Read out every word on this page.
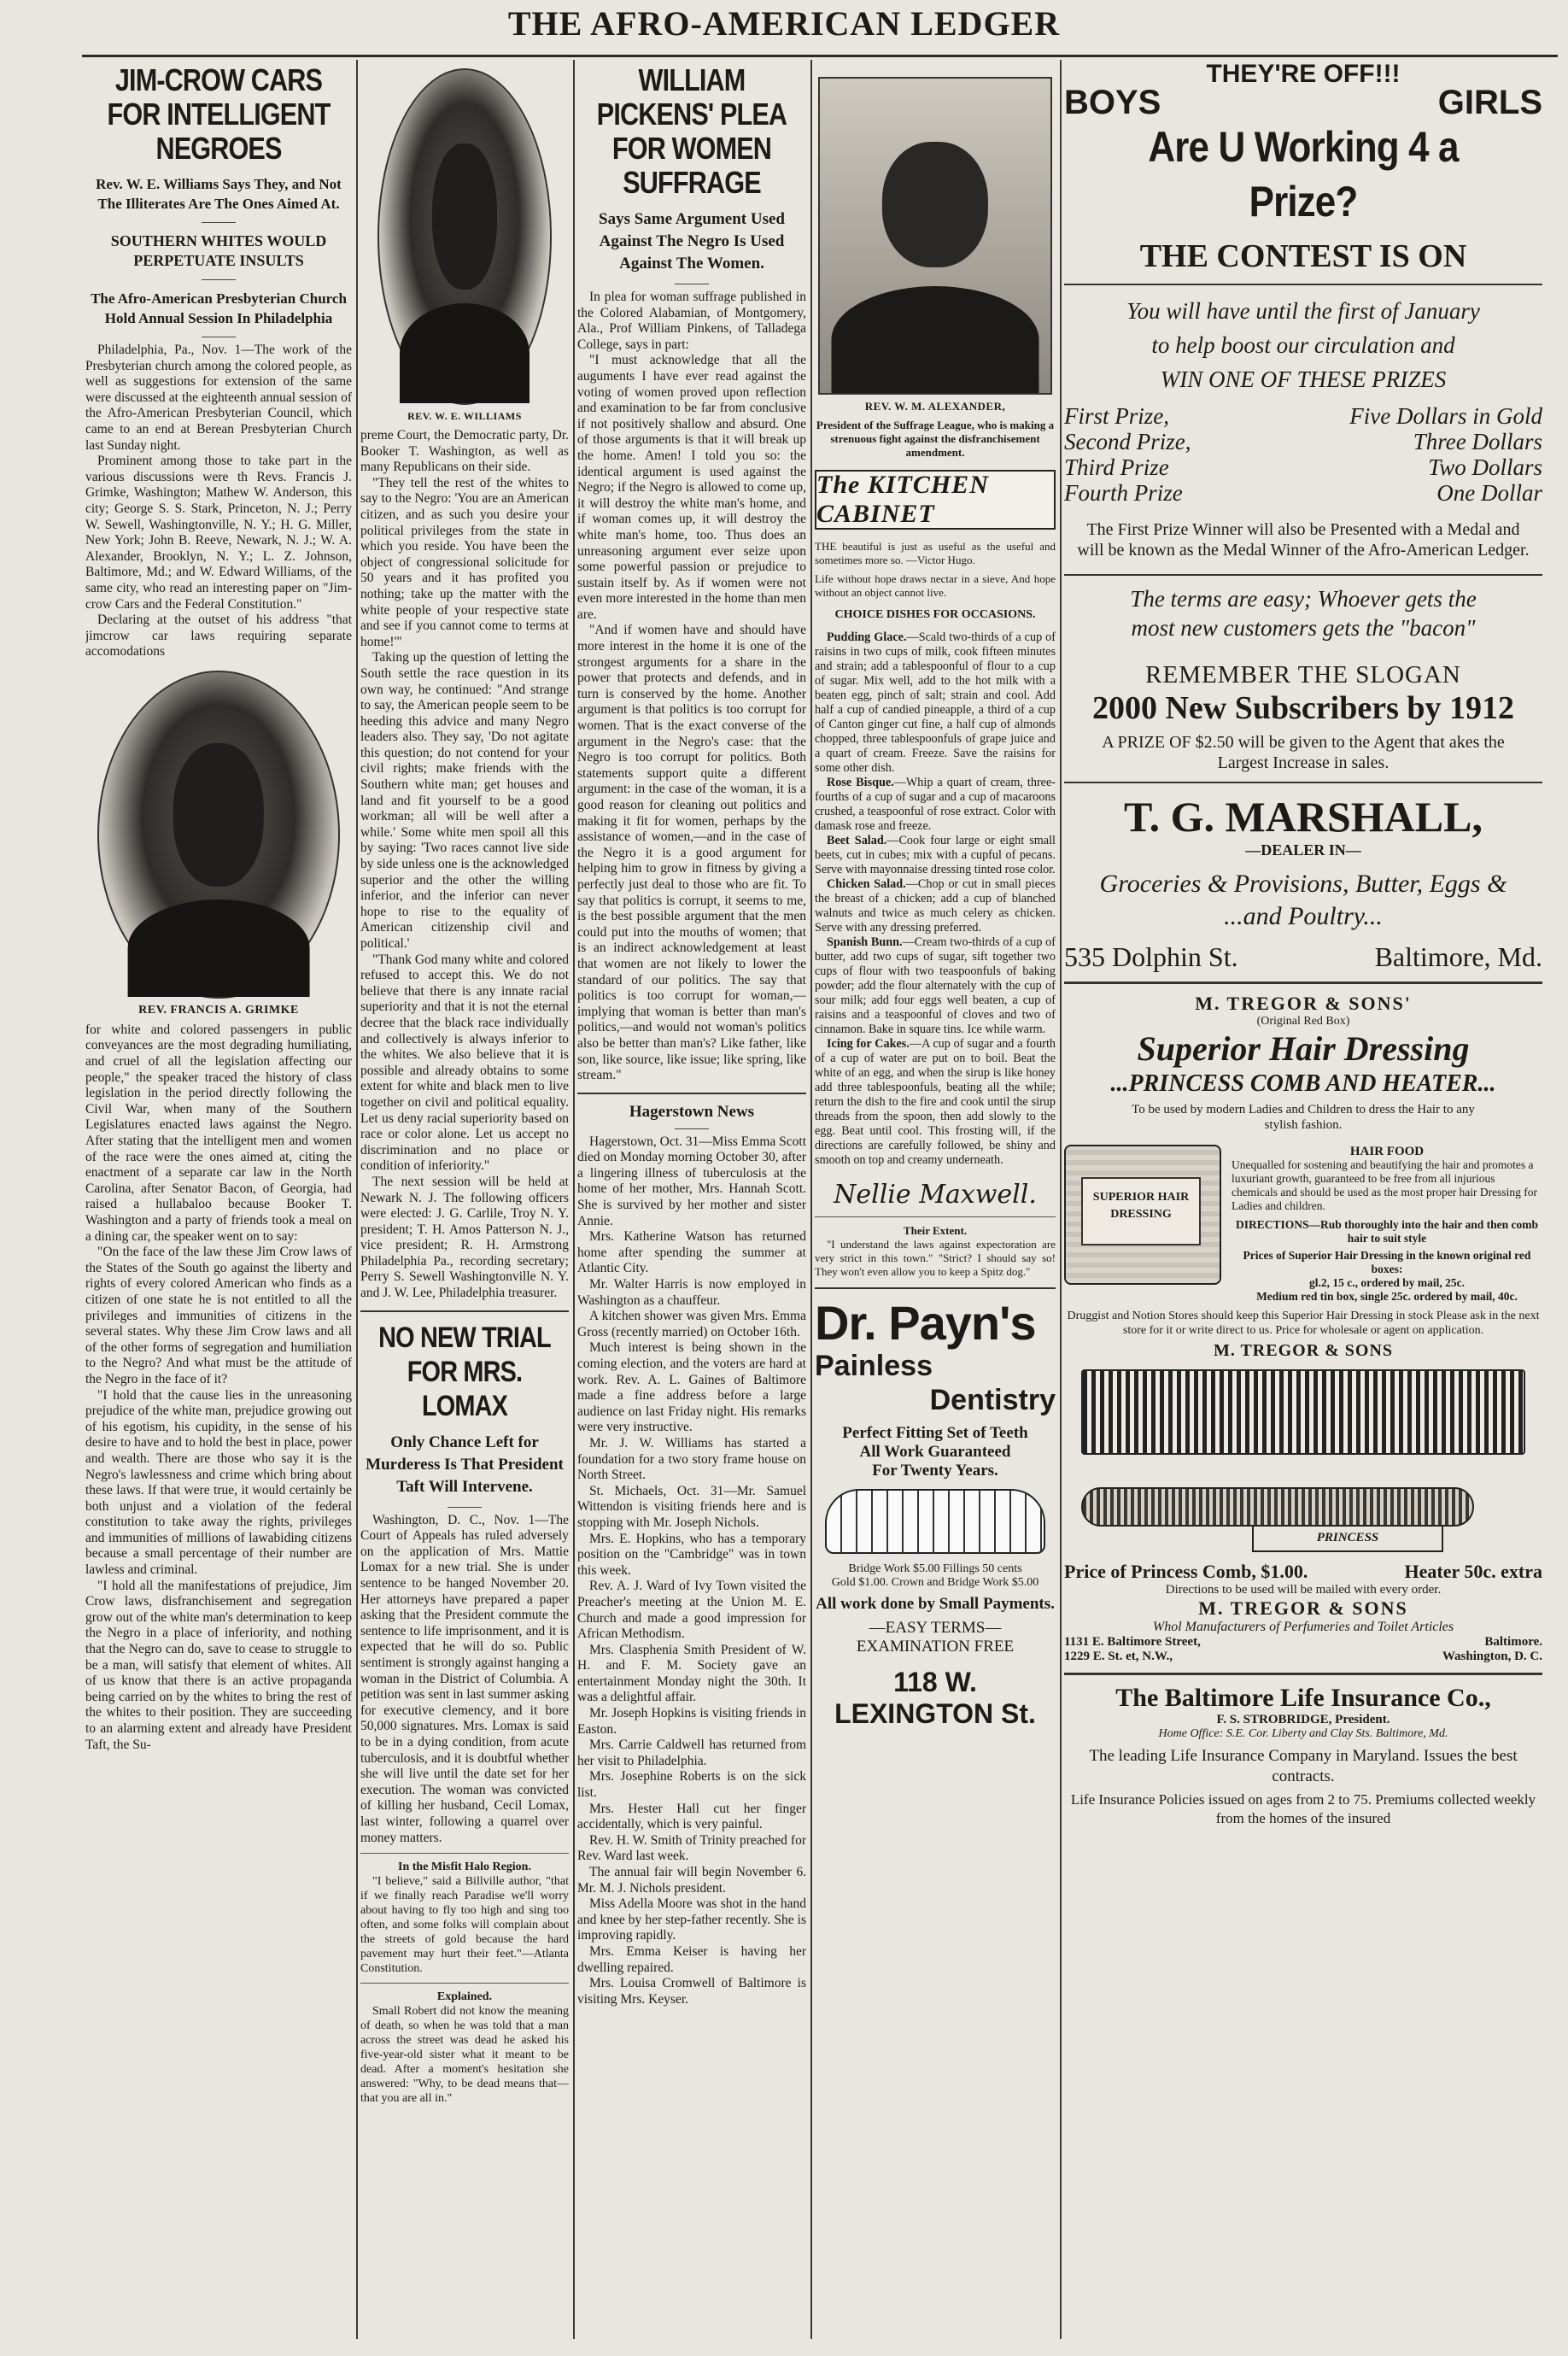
THE AFRO-AMERICAN LEDGER
JIM-CROW CARS FOR INTELLIGENT NEGROES
Rev. W. E. Williams Says They, and Not The Illiterates Are The Ones Aimed At.
SOUTHERN WHITES WOULD PERPETUATE INSULTS
The Afro-American Presbyterian Church Hold Annual Session In Philadelphia

Philadelphia, Pa., Nov. 1—The work of the Presbyterian church among the colored people, as well as suggestions for extension of the same were discussed at the eighteenth annual session of the Afro-American Presbyterian Council, which came to an end at Berean Presbyterian Church last Sunday night.

Prominent among those to take part in the various discussions were th Revs. Francis J. Grimke, Washington; Mathew W. Anderson, this city; George S. S. Stark, Princeton, N. J.; Perry W. Sewell, Washingtonville, N. Y.; H. G. Miller, New York; John B. Reeve, Newark, N. J.; W. A. Alexander, Brooklyn, N. Y.; L. Z. Johnson, Baltimore, Md.; and W. Edward Williams, of the same city, who read an interesting paper on "Jim-crow Cars and the Federal Constitution."

Declaring at the outset of his address "that jimcrow car laws requiring separate accomodations

REV. FRANCIS A. GRIMKE

for white and colored passengers in public conveyances are the most degrading humiliating, and cruel of all the legislation affecting our people," the speaker traced the history of class legislation in the period directly following the Civil War, when many of the Southern Legislatures enacted laws against the Negro. After stating that the intelligent men and women of the race were the ones aimed at, citing the enactment of a separate car law in the North Carolina, after Senator Bacon, of Georgia, had raised a hullabaloo because Booker T. Washington and a party of friends took a meal on a dining car, the speaker went on to say:

"On the face of the law these Jim Crow laws of the States of the South go against the liberty and rights of every colored American who finds as a citizen of one state he is not entitled to all the privileges and immunities of citizens in the several states. Why these Jim Crow laws and all of the other forms of segregation and humiliation to the Negro? And what must be the attitude of the Negro in the face of it?

"I hold that the cause lies in the unreasoning prejudice of the white man, prejudice growing out of his egotism, his cupidity, in the sense of his desire to have and to hold the best in place, power and wealth. There are those who say it is the Negro's lawlessness and crime which bring about these laws. If that were true, it would certainly be both unjust and a violation of the federal constitution to take away the rights, privileges and immunities of millions of lawabiding citizens because a small percentage of their number are lawless and criminal.

"I hold all the manifestations of prejudice, Jim Crow laws, disfranchisement and segregation grow out of the white man's determination to keep the Negro in a place of inferiority, and nothing that the Negro can do, save to cease to struggle to be a man, will satisfy that element of whites. All of us know that there is an active propaganda being carried on by the whites to bring the rest of the whites to their position. They are succeeding to an alarming extent and already have President Taft, the Su-

REV. W. E. WILLIAMS

preme Court, the Democratic party, Dr. Booker T. Washington, as well as many Republicans on their side.

"They tell the rest of the whites to say to the Negro: 'You are an American citizen, and as such you desire your political privileges from the state in which you reside. You have been the object of congressional solicitude for 50 years and it has profited you nothing; take up the matter with the white people of your respective state and see if you cannot come to terms at home!'"

Taking up the question of letting the South settle the race question in its own way, he continued: "And strange to say, the American people seem to be heeding this advice and many Negro leaders also. They say, 'Do not agitate this question; do not contend for your civil rights; make friends with the Southern white man; get houses and land and fit yourself to be a good workman; all will be well after a while.' Some white men spoil all this by saying: 'Two races cannot live side by side unless one is the acknowledged superior and the other the willing inferior, and the inferior can never hope to rise to the equality of American citizenship civil and political.'

"Thank God many white and colored refused to accept this. We do not believe that there is any innate racial superiority and that it is not the eternal decree that the black race individually and collectively is always inferior to the whites. We also believe that it is possible and already obtains to some extent for white and black men to live together on civil and political equality. Let us deny racial superiority based on race or color alone. Let us accept no discrimination and no place or condition of inferiority."

The next session will be held at Newark N. J. The following officers were elected: J. G. Carlile, Troy N. Y. president; T. H. Amos Patterson N. J., vice president; R. H. Armstrong Philadelphia Pa., recording secretary; Perry S. Sewell Washingtonville N. Y. and J. W. Lee, Philadelphia treasurer.

NO NEW TRIAL FOR MRS. LOMAX
Only Chance Left for Murderess Is That President Taft Will Intervene.

Washington, D. C., Nov. 1—The Court of Appeals has ruled adversely on the application of Mrs. Mattie Lomax for a new trial. She is under sentence to be hanged November 20. Her attorneys have prepared a paper asking that the President commute the sentence to life imprisonment, and it is expected that he will do so. Public sentiment is strongly against hanging a woman in the District of Columbia. A petition was sent in last summer asking for executive clemency, and it bore 50,000 signatures. Mrs. Lomax is said to be in a dying condition, from acute tuberculosis, and it is doubtful whether she will live until the date set for her execution. The woman was convicted of killing her husband, Cecil Lomax, last winter, following a quarrel over money matters.

In the Misfit Halo Region.

"I believe," said a Billville author, "that if we finally reach Paradise we'll worry about having to fly too high and sing too often, and some folks will complain about the streets of gold because the hard pavement may hurt their feet."—Atlanta Constitution.

Explained.

Small Robert did not know the meaning of death, so when he was told that a man across the street was dead he asked his five-year-old sister what it meant to be dead. After a moment's hesitation she answered: "Why, to be dead means that—that you are all in."

WILLIAM PICKENS' PLEA FOR WOMEN SUFFRAGE
Says Same Argument Used Against The Negro Is Used Against The Women.

In plea for woman suffrage published in the Colored Alabamian, of Montgomery, Ala., Prof William Pinkens, of Talladega College, says in part:

"I must acknowledge that all the auguments I have ever read against the voting of women proved upon reflection and examination to be far from conclusive if not positively shallow and absurd. One of those arguments is that it will break up the home. Amen! I told you so: the identical argument is used against the Negro; if the Negro is allowed to come up, it will destroy the white man's home, and if woman comes up, it will destroy the white man's home, too. Thus does an unreasoning argument ever seize upon some powerful passion or prejudice to sustain itself by. As if women were not even more interested in the home than men are.

"And if women have and should have more interest in the home it is one of the strongest arguments for a share in the power that protects and defends, and in turn is conserved by the home. Another argument is that politics is too corrupt for women. That is the exact converse of the argument in the Negro's case: that the Negro is too corrupt for politics. Both statements support quite a different argument: in the case of the woman, it is a good reason for cleaning out politics and making it fit for women, perhaps by the assistance of women,—and in the case of the Negro it is a good argument for helping him to grow in fitness by giving a perfectly just deal to those who are fit. To say that politics is corrupt, it seems to me, is the best possible argument that the men could put into the mouths of women; that is an indirect acknowledgement at least that women are not likely to lower the standard of our politics. The say that politics is too corrupt for woman,—implying that woman is better than man's politics,—and would not woman's politics also be better than man's? Like father, like son, like source, like issue; like spring, like stream."

Hagerstown News

Hagerstown, Oct. 31—Miss Emma Scott died on Monday morning October 30, after a lingering illness of tuberculosis at the home of her mother, Mrs. Hannah Scott. She is survived by her mother and sister Annie.

Mrs. Katherine Watson has returned home after spending the summer at Atlantic City.

Mr. Walter Harris is now employed in Washington as a chauffeur.

A kitchen shower was given Mrs. Emma Gross (recently married) on October 16th.

Much interest is being shown in the coming election, and the voters are hard at work. Rev. A. L. Gaines of Baltimore made a fine address before a large audience on last Friday night. His remarks were very instructive.

Mr. J. W. Williams has started a foundation for a two story frame house on North Street.

St. Michaels, Oct. 31—Mr. Samuel Wittendon is visiting friends here and is stopping with Mr. Joseph Nichols.

Mrs. E. Hopkins, who has a temporary position on the "Cambridge" was in town this week.

Rev. A. J. Ward of Ivy Town visited the Preacher's meeting at the Union M. E. Church and made a good impression for African Methodism.

Mrs. Clasphenia Smith President of W. H. and F. M. Society gave an entertainment Monday night the 30th. It was a delightful affair.

Mr. Joseph Hopkins is visiting friends in Easton.

Mrs. Carrie Caldwell has returned from her visit to Philadelphia.

Mrs. Josephine Roberts is on the sick list.

Mrs. Hester Hall cut her finger accidentally, which is very painful.

Rev. H. W. Smith of Trinity preached for Rev. Ward last week.

The annual fair will begin November 6. Mr. M. J. Nichols president.

Miss Adella Moore was shot in the hand and knee by her step-father recently. She is improving rapidly.

Mrs. Emma Keiser is having her dwelling repaired.

Mrs. Louisa Cromwell of Baltimore is visiting Mrs. Keyser.

REV. W. M. ALEXANDER,
President of the Suffrage League, who is making a strenuous fight against the disfranchisement amendment.
The KITCHEN CABINET

THE beautiful is just as useful as the useful and sometimes more so. —Victor Hugo.

Life without hope draws nectar in a sieve, And hope without an object cannot live.

CHOICE DISHES FOR OCCASIONS.

Pudding Glace.—Scald two-thirds of a cup of raisins in two cups of milk, cook fifteen minutes and strain; add a tablespoonful of flour to a cup of sugar. Mix well, add to the hot milk with a beaten egg, pinch of salt; strain and cool. Add half a cup of candied pineapple, a third of a cup of Canton ginger cut fine, a half cup of almonds chopped, three tablespoonfuls of grape juice and a quart of cream. Freeze. Save the raisins for some other dish.

Rose Bisque.—Whip a quart of cream, three-fourths of a cup of sugar and a cup of macaroons crushed, a teaspoonful of rose extract. Color with damask rose and freeze.

Beet Salad.—Cook four large or eight small beets, cut in cubes; mix with a cupful of pecans. Serve with mayonnaise dressing tinted rose color.

Chicken Salad.—Chop or cut in small pieces the breast of a chicken; add a cup of blanched walnuts and twice as much celery as chicken. Serve with any dressing preferred.

Spanish Bunn.—Cream two-thirds of a cup of butter, add two cups of sugar, sift together two cups of flour with two teaspoonfuls of baking powder; add the flour alternately with the cup of sour milk; add four eggs well beaten, a cup of raisins and a teaspoonful of cloves and two of cinnamon. Bake in square tins. Ice while warm.

Icing for Cakes.—A cup of sugar and a fourth of a cup of water are put on to boil. Beat the white of an egg, and when the sirup is like honey add three tablespoonfuls, beating all the while; return the dish to the fire and cook until the sirup threads from the spoon, then add slowly to the egg. Beat until cool. This frosting will, if the directions are carefully followed, be shiny and smooth on top and creamy underneath.

Nellie Maxwell.
Their Extent.

"I understand the laws against expectoration are very strict in this town." "Strict? I should say so! They won't even allow you to keep a Spitz dog."

Dr. Payn's
Painless
Dentistry
Perfect Fitting Set of Teeth
All Work Guaranteed
For Twenty Years.
Bridge Work $5.00 Fillings 50 cents
Gold $1.00. Crown and Bridge Work $5.00
All work done by Small Payments.
—EASY TERMS—
EXAMINATION FREE
118 W. LEXINGTON St.
THEY'RE OFF!!!
BOYS	GIRLS
Are U Working 4 a Prize?
THE CONTEST IS ON
You will have until the first of January
to help boost our circulation and
WIN ONE OF THESE PRIZES
First Prize,	Five Dollars in Gold
Second Prize,	Three Dollars
Third Prize	Two Dollars
Fourth Prize	One Dollar
The First Prize Winner will also be Presented with a Medal and will be known as the Medal Winner of the Afro-American Ledger.
The terms are easy; Whoever gets the
most new customers gets the "bacon"
REMEMBER THE SLOGAN
2000 New Subscribers by 1912
A PRIZE OF $2.50 will be given to the Agent that akes the Largest Increase in sales.
T. G. MARSHALL,
—DEALER IN—
Groceries & Provisions, Butter, Eggs &
...and Poultry...
535 Dolphin St.	Baltimore, Md.
M. TREGOR & SONS'
(Original Red Box)
Superior Hair Dressing
...PRINCESS COMB AND HEATER...
To be used by modern Ladies and Children to dress the Hair to any stylish fashion.
SUPERIOR HAIR DRESSING
HAIR FOOD
Unequalled for sostening and beautifying the hair and promotes a luxuriant growth, guaranteed to be free from all injurious chemicals and should be used as the most proper hair Dressing for Ladies and children.
DIRECTIONS—Rub thoroughly into the hair and then comb hair to suit style
Prices of Superior Hair Dressing in the known original red boxes:
gl.2, 15 c., ordered by mail, 25c.
Medium red tin box, single 25c. ordered by mail, 40c.
Druggist and Notion Stores should keep this Superior Hair Dressing in stock Please ask in the next store for it or write direct to us. Price for wholesale or agent on application.
M. TREGOR & SONS
PRINCESS
Price of Princess Comb, $1.00.	Heater 50c. extra
Directions to be used will be mailed with every order.
M. TREGOR & SONS
Whol Manufacturers of Perfumeries and Toilet Articles
1131 E. Baltimore Street,	Baltimore.
1229 E. St. et, N.W.,	Washington, D. C.
The Baltimore Life Insurance Co.,
F. S. STROBRIDGE, President.
Home Office: S.E. Cor. Liberty and Clay Sts. Baltimore, Md.
The leading Life Insurance Company in Maryland. Issues the best contracts.
Life Insurance Policies issued on ages from 2 to 75. Premiums collected weekly from the homes of the insured
